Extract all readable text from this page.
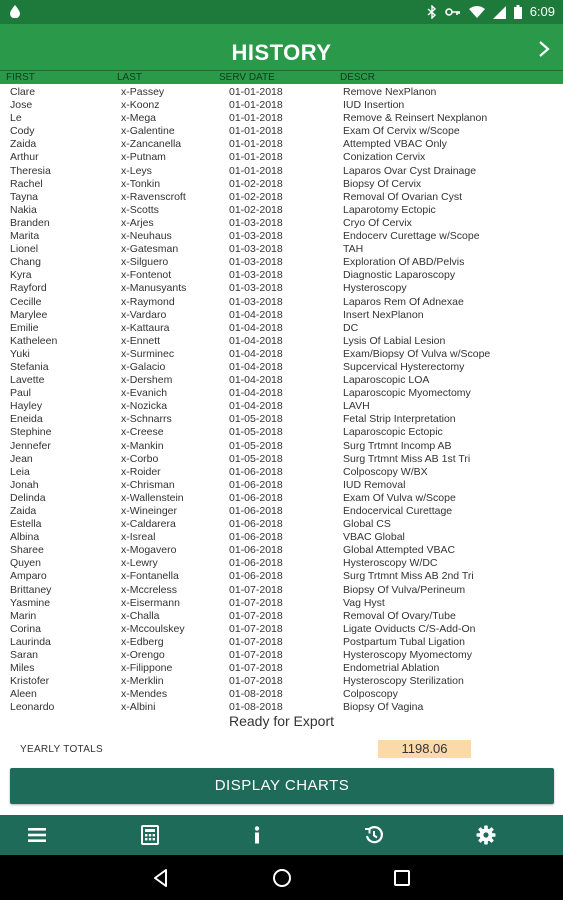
6:09
HISTORY
FIRST	LAST	SERV DATE	DESCR
Clare	x-Passey	01-01-2018	Remove NexPlanon
Jose	x-Koonz	01-01-2018	IUD Insertion
Le	x-Mega	01-01-2018	Remove & Reinsert Nexplanon
Cody	x-Galentine	01-01-2018	Exam Of Cervix w/Scope
Zaida	x-Zancanella	01-01-2018	Attempted VBAC Only
Arthur	x-Putnam	01-01-2018	Conization Cervix
Theresia	x-Leys	01-01-2018	Laparos Ovar Cyst Drainage
Rachel	x-Tonkin	01-02-2018	Biopsy Of Cervix
Tayna	x-Ravenscroft	01-02-2018	Removal Of Ovarian Cyst
Nakia	x-Scotts	01-02-2018	Laparotomy Ectopic
Branden	x-Arjes	01-03-2018	Cryo Of Cervix
Marita	x-Neuhaus	01-03-2018	Endocerv Curettage w/Scope
Lionel	x-Gatesman	01-03-2018	TAH
Chang	x-Silguero	01-03-2018	Exploration Of ABD/Pelvis
Kyra	x-Fontenot	01-03-2018	Diagnostic Laparoscopy
Rayford	x-Manusyants	01-03-2018	Hysteroscopy
Cecille	x-Raymond	01-03-2018	Laparos Rem Of Adnexae
Marylee	x-Vardaro	01-04-2018	Insert NexPlanon
Emilie	x-Kattaura	01-04-2018	DC
Katheleen	x-Ennett	01-04-2018	Lysis Of Labial Lesion
Yuki	x-Surminec	01-04-2018	Exam/Biopsy Of Vulva w/Scope
Stefania	x-Galacio	01-04-2018	Supcervical Hysterectomy
Lavette	x-Dershem	01-04-2018	Laparoscopic LOA
Paul	x-Evanich	01-04-2018	Laparoscopic Myomectomy
Hayley	x-Nozicka	01-04-2018	LAVH
Eneida	x-Schnarrs	01-05-2018	Fetal Strip Interpretation
Stephine	x-Creese	01-05-2018	Laparoscopic Ectopic
Jennefer	x-Mankin	01-05-2018	Surg Trtmnt Incomp AB
Jean	x-Corbo	01-05-2018	Surg Trtmnt Miss AB 1st Tri
Leia	x-Roider	01-06-2018	Colposcopy W/BX
Jonah	x-Chrisman	01-06-2018	IUD Removal
Delinda	x-Wallenstein	01-06-2018	Exam Of Vulva w/Scope
Zaida	x-Wineinger	01-06-2018	Endocervical Curettage
Estella	x-Caldarera	01-06-2018	Global CS
Albina	x-Isreal	01-06-2018	VBAC Global
Sharee	x-Mogavero	01-06-2018	Global Attempted VBAC
Quyen	x-Lewry	01-06-2018	Hysteroscopy W/DC
Amparo	x-Fontanella	01-06-2018	Surg Trtmnt Miss AB 2nd Tri
Brittaney	x-Mccreless	01-07-2018	Biopsy Of Vulva/Perineum
Yasmine	x-Eisermann	01-07-2018	Vag Hyst
Marin	x-Challa	01-07-2018	Removal Of Ovary/Tube
Corina	x-Mccoulskey	01-07-2018	Ligate Oviducts C/S-Add-On
Laurinda	x-Edberg	01-07-2018	Postpartum Tubal Ligation
Saran	x-Orengo	01-07-2018	Hysteroscopy Myomectomy
Miles	x-Filippone	01-07-2018	Endometrial Ablation
Kristofer	x-Merklin	01-07-2018	Hysteroscopy Sterilization
Aleen	x-Mendes	01-08-2018	Colposcopy
Leonardo	x-Albini	01-08-2018	Biopsy Of Vagina
Ready for Export
YEARLY TOTALS	1198.06
DISPLAY CHARTS
